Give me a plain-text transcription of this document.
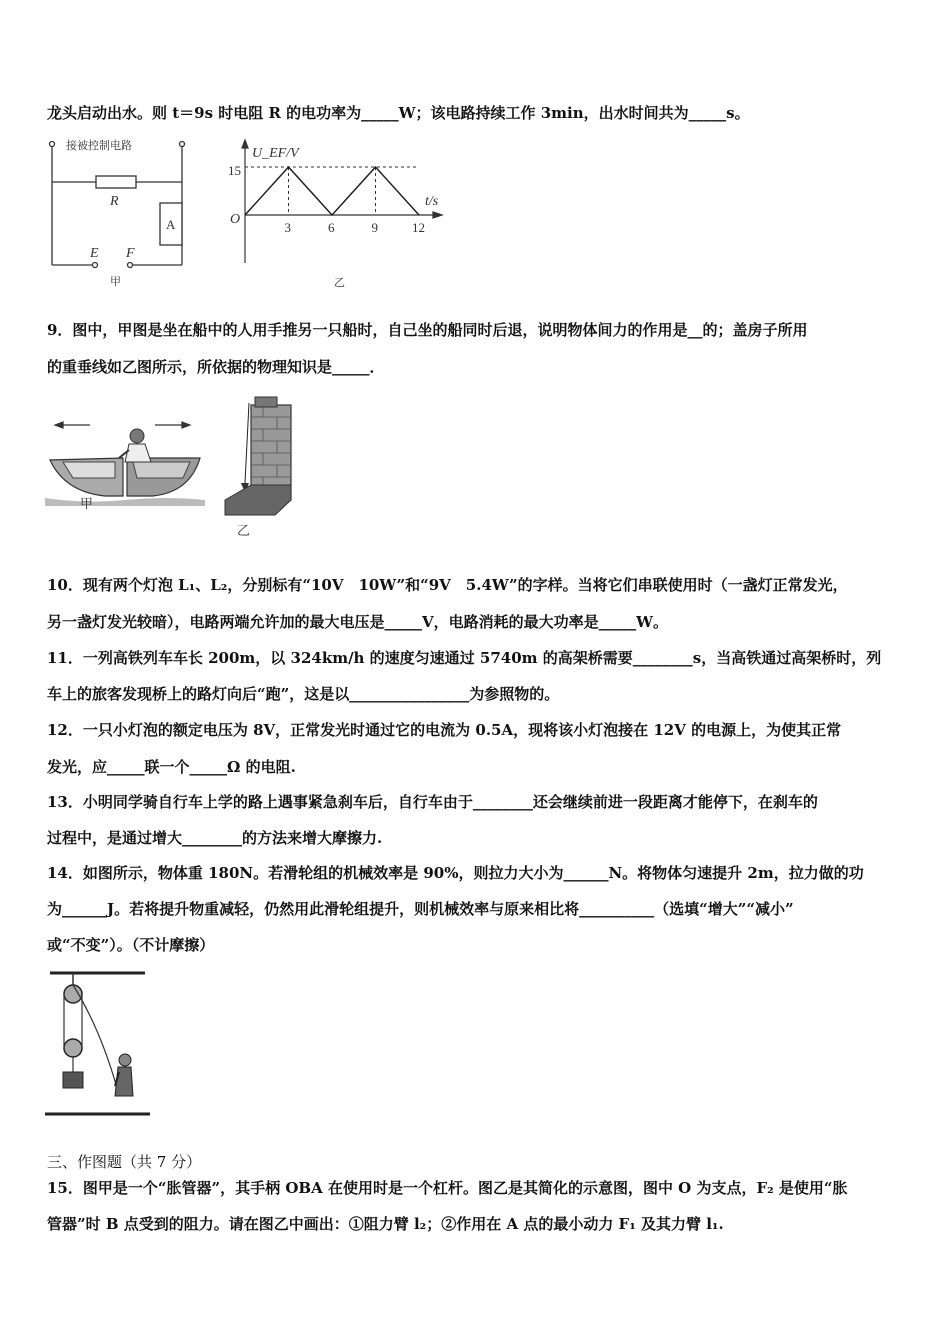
龙头启动出水。则 t＝9s 时电阻 R 的电功率为_____W；该电路持续工作 3min，出水时间共为_____s。
接被控制电路
R
A
E F
甲
3	6	9	12
U_EF/V
15
O
t/s
乙
9．图中，甲图是坐在船中的人用手推另一只船时，自己坐的船同时后退，说明物体间力的作用是__的；盖房子所用
的重垂线如乙图所示，所依据的物理知识是_____．
甲
乙
10．现有两个灯泡 L₁、L₂，分别标有“10V　10W”和“9V　5.4W”的字样。当将它们串联使用时（一盏灯正常发光，
另一盏灯发光较暗），电路两端允许加的最大电压是_____V，电路消耗的最大功率是_____W。
11．一列高铁列车车长 200m，以 324km/h 的速度匀速通过 5740m 的高架桥需要________s，当高铁通过高架桥时，列
车上的旅客发现桥上的路灯向后“跑”，这是以________________为参照物的。
12．一只小灯泡的额定电压为 8V，正常发光时通过它的电流为 0.5A，现将该小灯泡接在 12V 的电源上，为使其正常
发光，应_____联一个_____Ω 的电阻.
13．小明同学骑自行车上学的路上遇事紧急刹车后，自行车由于________还会继续前进一段距离才能停下，在刹车的
过程中，是通过增大________的方法来增大摩擦力.
14．如图所示，物体重 180N。若滑轮组的机械效率是 90%，则拉力大小为______N。将物体匀速提升 2m，拉力做的功
为______J。若将提升物重减轻，仍然用此滑轮组提升，则机械效率与原来相比将__________（选填“增大”“减小”
或“不变”）。（不计摩擦）
三、作图题（共 7 分）
15．图甲是一个“胀管器”，其手柄 OBA 在使用时是一个杠杆。图乙是其简化的示意图，图中 O 为支点，F₂ 是使用“胀
管器”时 B 点受到的阻力。请在图乙中画出：①阻力臂 l₂；②作用在 A 点的最小动力 F₁ 及其力臂 l₁.
